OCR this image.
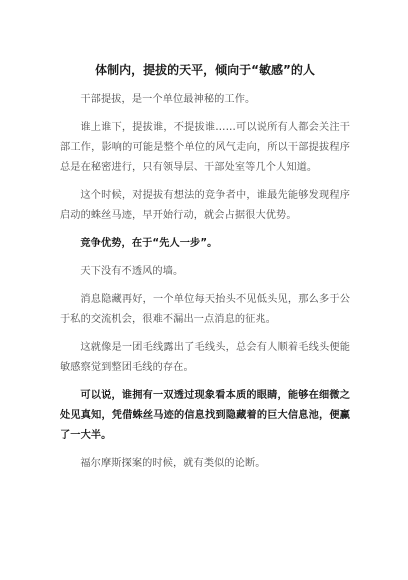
体制内，提拔的天平，倾向于“敏感”的人

干部提拔，是一个单位最神秘的工作。

谁上谁下，提拔谁，不提拔谁……可以说所有人都会关注干部工作，影响的可能是整个单位的风气走向，所以干部提拔程序总是在秘密进行，只有领导层、干部处室等几个人知道。

这个时候，对提拔有想法的竞争者中，谁最先能够发现程序启动的蛛丝马迹，早开始行动，就会占据很大优势。

竞争优势，在于“先人一步”。

天下没有不透风的墙。

消息隐藏再好，一个单位每天抬头不见低头见，那么多于公于私的交流机会，很难不漏出一点消息的征兆。

这就像是一团毛线露出了毛线头，总会有人顺着毛线头便能敏感察觉到整团毛线的存在。

可以说，谁拥有一双透过现象看本质的眼睛，能够在细微之处见真知，凭借蛛丝马迹的信息找到隐藏着的巨大信息池，便赢了一大半。

福尔摩斯探案的时候，就有类似的论断。
